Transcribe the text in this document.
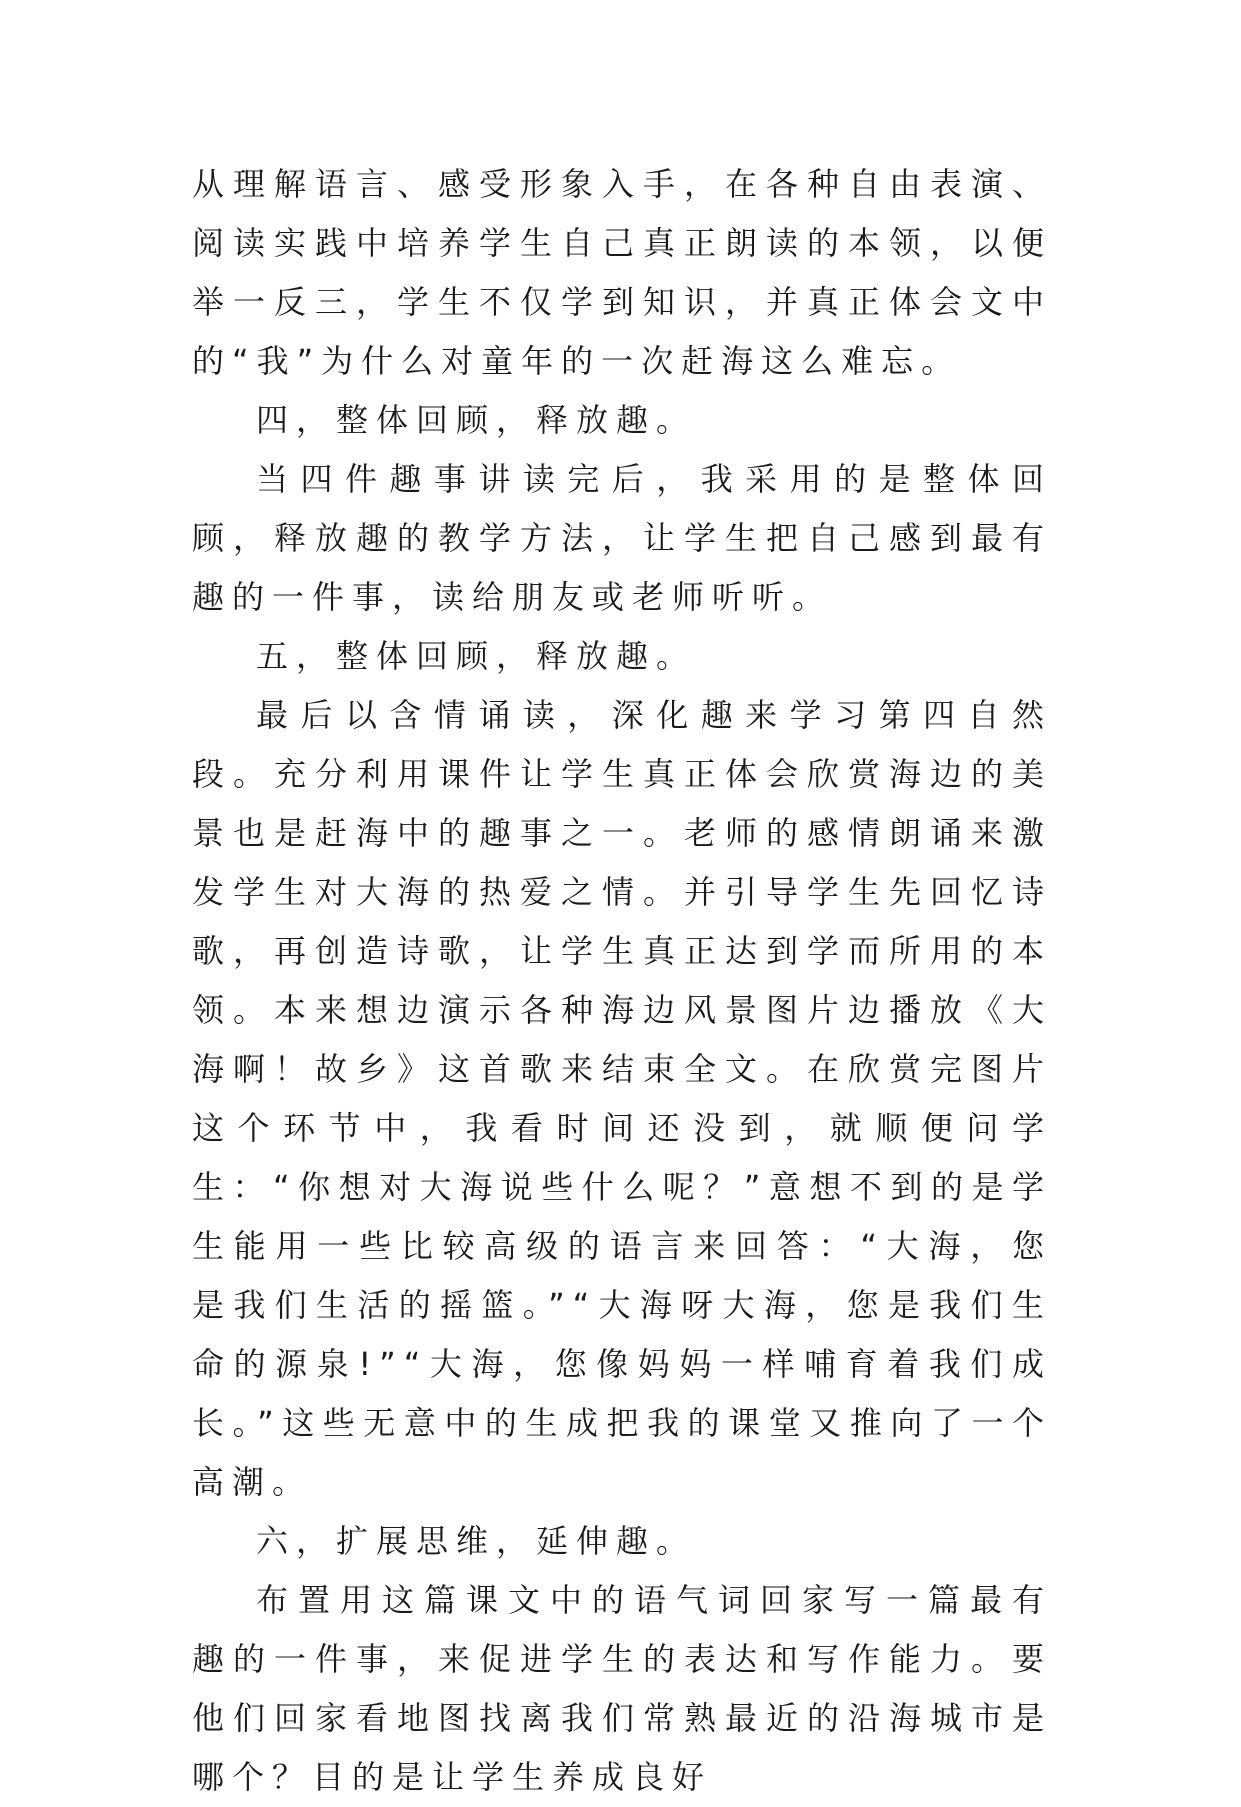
从理解语言、感受形象入手，在各种自由表演、阅读实践中培养学生自己真正朗读的本领，以便举一反三，学生不仅学到知识，并真正体会文中的“我”为什么对童年的一次赶海这么难忘。

四，整体回顾，释放趣。

当四件趣事讲读完后，我采用的是整体回顾，释放趣的教学方法，让学生把自己感到最有趣的一件事，读给朋友或老师听听。

五，整体回顾，释放趣。

最后以含情诵读，深化趣来学习第四自然段。充分利用课件让学生真正体会欣赏海边的美景也是赶海中的趣事之一。老师的感情朗诵来激发学生对大海的热爱之情。并引导学生先回忆诗歌，再创造诗歌，让学生真正达到学而所用的本领。本来想边演示各种海边风景图片边播放《大海啊！故乡》这首歌来结束全文。在欣赏完图片这个环节中，我看时间还没到，就顺便问学生：“你想对大海说些什么呢？”意想不到的是学生能用一些比较高级的语言来回答：“大海，您是我们生活的摇篮。”“大海呀大海，您是我们生命的源泉!”“大海，您像妈妈一样哺育着我们成长。”这些无意中的生成把我的课堂又推向了一个高潮。

六，扩展思维，延伸趣。

布置用这篇课文中的语气词回家写一篇最有趣的一件事，来促进学生的表达和写作能力。要他们回家看地图找离我们常熟最近的沿海城市是哪个？目的是让学生养成良好
